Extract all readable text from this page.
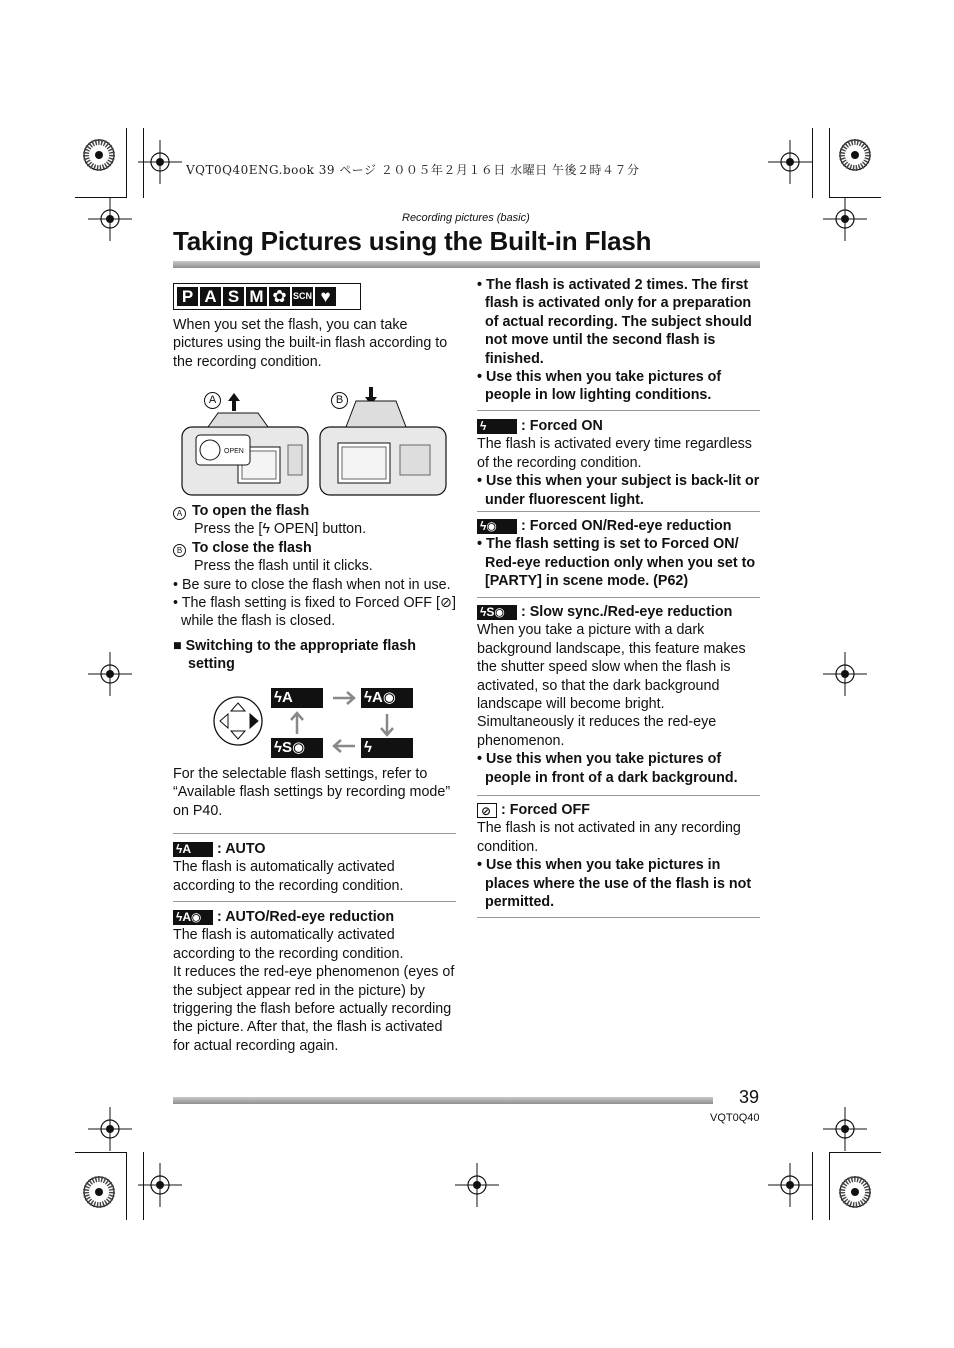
VQT0Q40ENG.book 39 ページ ２００５年２月１６日 水曜日 午後２時４７分
Recording pictures (basic)
Taking Pictures using the Built-in Flash
P A S M ✿ SCN ♥
When you set the flash, you can take pictures using the built-in flash according to the recording condition.
A	B
OPEN

A To open the flash

Press the [ϟ OPEN] button.

B To close the flash

Press the flash until it clicks.

• Be sure to close the flash when not in use.

• The flash setting is fixed to Forced OFF [⊘] while the flash is closed.

■ Switching to the appropriate flash setting

ϟA	ϟA◉
ϟ
ϟS◉
For the selectable flash settings, refer to “Available flash settings by recording mode” on P40.
ϟA	: AUTO

The flash is automatically activated according to the recording condition.

ϟA◉	: AUTO/Red-eye reduction

The flash is automatically activated according to the recording condition.

It reduces the red-eye phenomenon (eyes of the subject appear red in the picture) by triggering the flash before actually recording the picture. After that, the flash is activated for actual recording again.

• The flash is activated 2 times. The first flash is activated only for a preparation of actual recording. The subject should not move until the second flash is finished.

• Use this when you take pictures of people in low lighting conditions.

ϟ	: Forced ON

The flash is activated every time regardless of the recording condition.

• Use this when your subject is back-lit or under fluorescent light.

ϟ◉	: Forced ON/Red-eye reduction

• The flash setting is set to Forced ON/ Red-eye reduction only when you set to [PARTY] in scene mode. (P62)

ϟS◉	: Slow sync./Red-eye reduction

When you take a picture with a dark background landscape, this feature makes the shutter speed slow when the flash is activated, so that the dark background landscape will become bright. Simultaneously it reduces the red-eye phenomenon.

• Use this when you take pictures of people in front of a dark background.

⊘ : Forced OFF

The flash is not activated in any recording condition.

• Use this when you take pictures in places where the use of the flash is not permitted.

39
VQT0Q40
